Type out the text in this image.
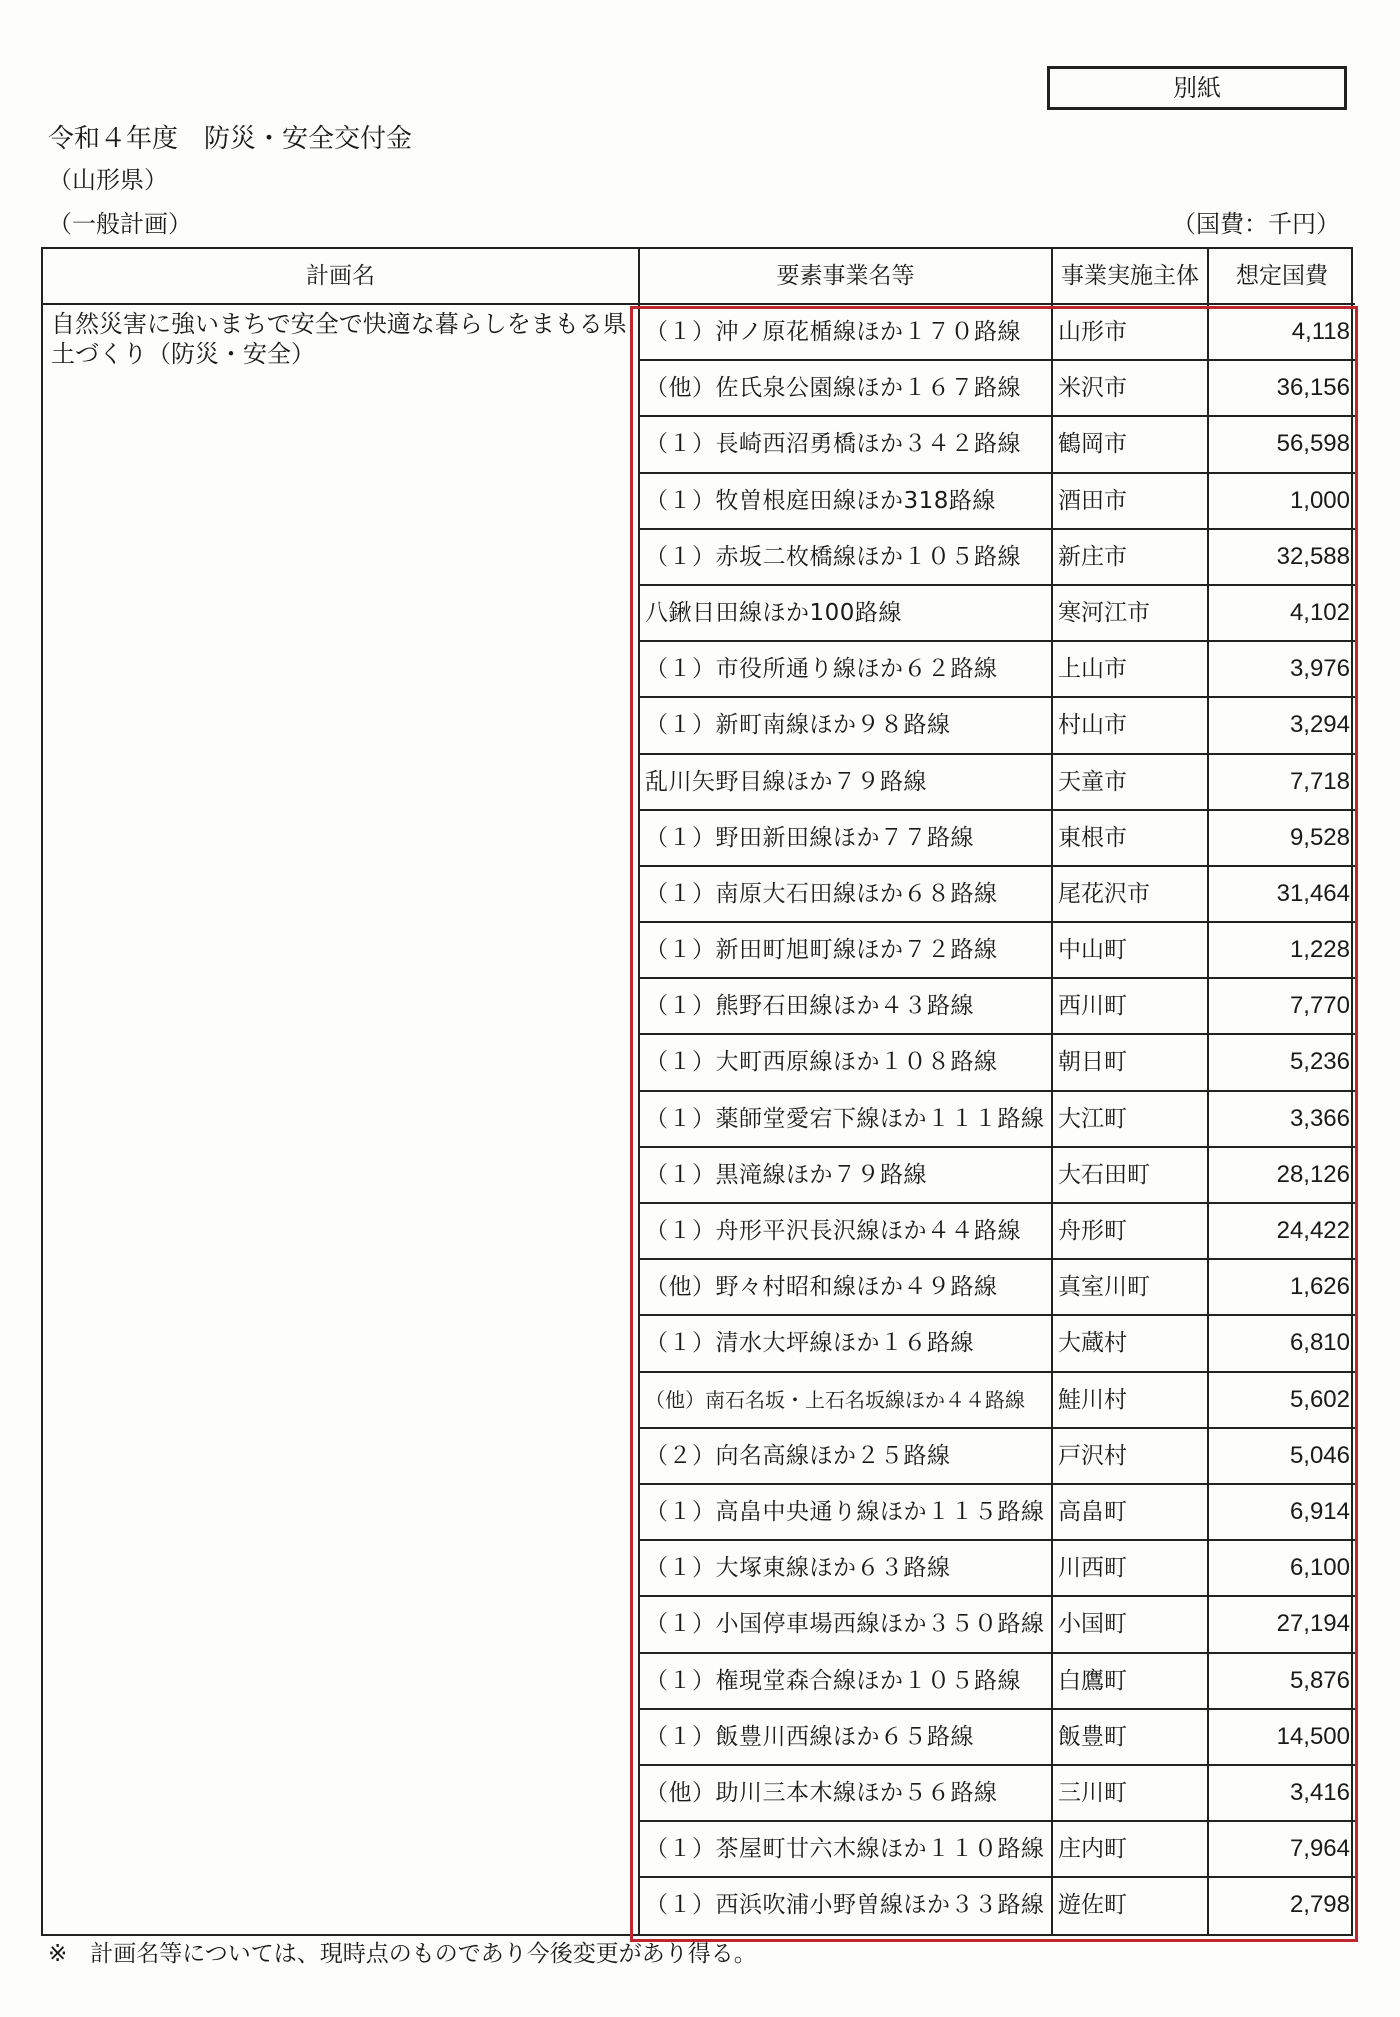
別紙
令和４年度　防災・安全交付金
（山形県）
（一般計画）	（国費：千円）
計画名	要素事業名等	事業実施主体	想定国費
自然災害に強いまちで安全で快適な暮らしをまもる県土づくり（防災・安全）
（１）沖ノ原花楯線ほか１７０路線	山形市	4,118
（他）佐氏泉公園線ほか１６７路線	米沢市	36,156
（１）長崎西沼勇橋ほか３４２路線	鶴岡市	56,598
（１）牧曽根庭田線ほか318路線	酒田市	1,000
（１）赤坂二枚橋線ほか１０５路線	新庄市	32,588
八鍬日田線ほか100路線	寒河江市	4,102
（１）市役所通り線ほか６２路線	上山市	3,976
（１）新町南線ほか９８路線	村山市	3,294
乱川矢野目線ほか７９路線	天童市	7,718
（１）野田新田線ほか７７路線	東根市	9,528
（１）南原大石田線ほか６８路線	尾花沢市	31,464
（１）新田町旭町線ほか７２路線	中山町	1,228
（１）熊野石田線ほか４３路線	西川町	7,770
（１）大町西原線ほか１０８路線	朝日町	5,236
（１）薬師堂愛宕下線ほか１１１路線 大江町	3,366
（１）黒滝線ほか７９路線	大石田町	28,126
（１）舟形平沢長沢線ほか４４路線	舟形町	24,422
（他）野々村昭和線ほか４９路線	真室川町	1,626
（１）清水大坪線ほか１６路線	大蔵村	6,810
（他）南石名坂・上石名坂線ほか４４路線	鮭川村	5,602
（２）向名高線ほか２５路線	戸沢村	5,046
（１）高畠中央通り線ほか１１５路線 高畠町	6,914
（１）大塚東線ほか６３路線	川西町	6,100
（１）小国停車場西線ほか３５０路線 小国町	27,194
（１）権現堂森合線ほか１０５路線	白鷹町	5,876
（１）飯豊川西線ほか６５路線	飯豊町	14,500
（他）助川三本木線ほか５６路線	三川町	3,416
（１）茶屋町廿六木線ほか１１０路線 庄内町	7,964
（１）西浜吹浦小野曽線ほか３３路線 遊佐町	2,798
※　計画名等については、現時点のものであり今後変更があり得る。
